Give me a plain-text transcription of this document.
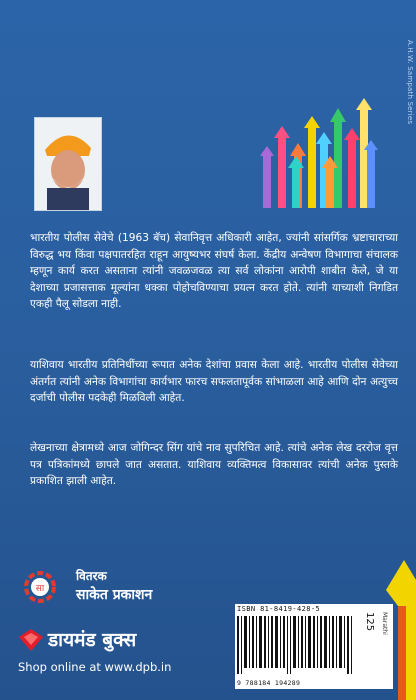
A.H.W. Sampath Series

भारतीय पोलीस सेवेचे (1963 बॅच) सेवानिवृत्त अधिकारी आहेत, ज्यांनी सांसर्गिक भ्रष्टाचाराच्या विरुद्ध भय किंवा पक्षपातरहित राहून आयुष्यभर संघर्ष केला. केंद्रीय अन्वेषण विभागाचा संचालक म्हणून कार्य करत असताना त्यांनी जवळजवळ त्या सर्व लोकांना आरोपी शाबीत केले, जे या देशाच्या प्रजासत्ताक मूल्यांना धक्का पोहोचविण्याचा प्रयत्न करत होते. त्यांनी याच्याशी निगडित एकही पैलू सोडला नाही.

याशिवाय भारतीय प्रतिनिधींच्या रूपात अनेक देशांचा प्रवास केला आहे. भारतीय पोलीस सेवेच्या अंतर्गत त्यांनी अनेक विभागांचा कार्यभार फारच सफलतापूर्वक सांभाळला आहे आणि दोन अत्युच्च दर्जाची पोलीस पदकेही मिळविली आहेत.

लेखनाच्या क्षेत्रामध्ये आज जोगिन्दर सिंग यांचे नाव सुपरिचित आहे. त्यांचे अनेक लेख दररोज वृत्त पत्र पत्रिकांमध्ये छापले जात असतात. याशिवाय व्यक्तिमत्व विकासावर त्यांची अनेक पुस्तके प्रकाशित झाली आहेत.

सा
वितरक
साकेत प्रकाशन
डायमंड बुक्स
Shop online at www.dpb.in
ISBN 81-8419-428-5
9 788184 194289
125 Marathi
